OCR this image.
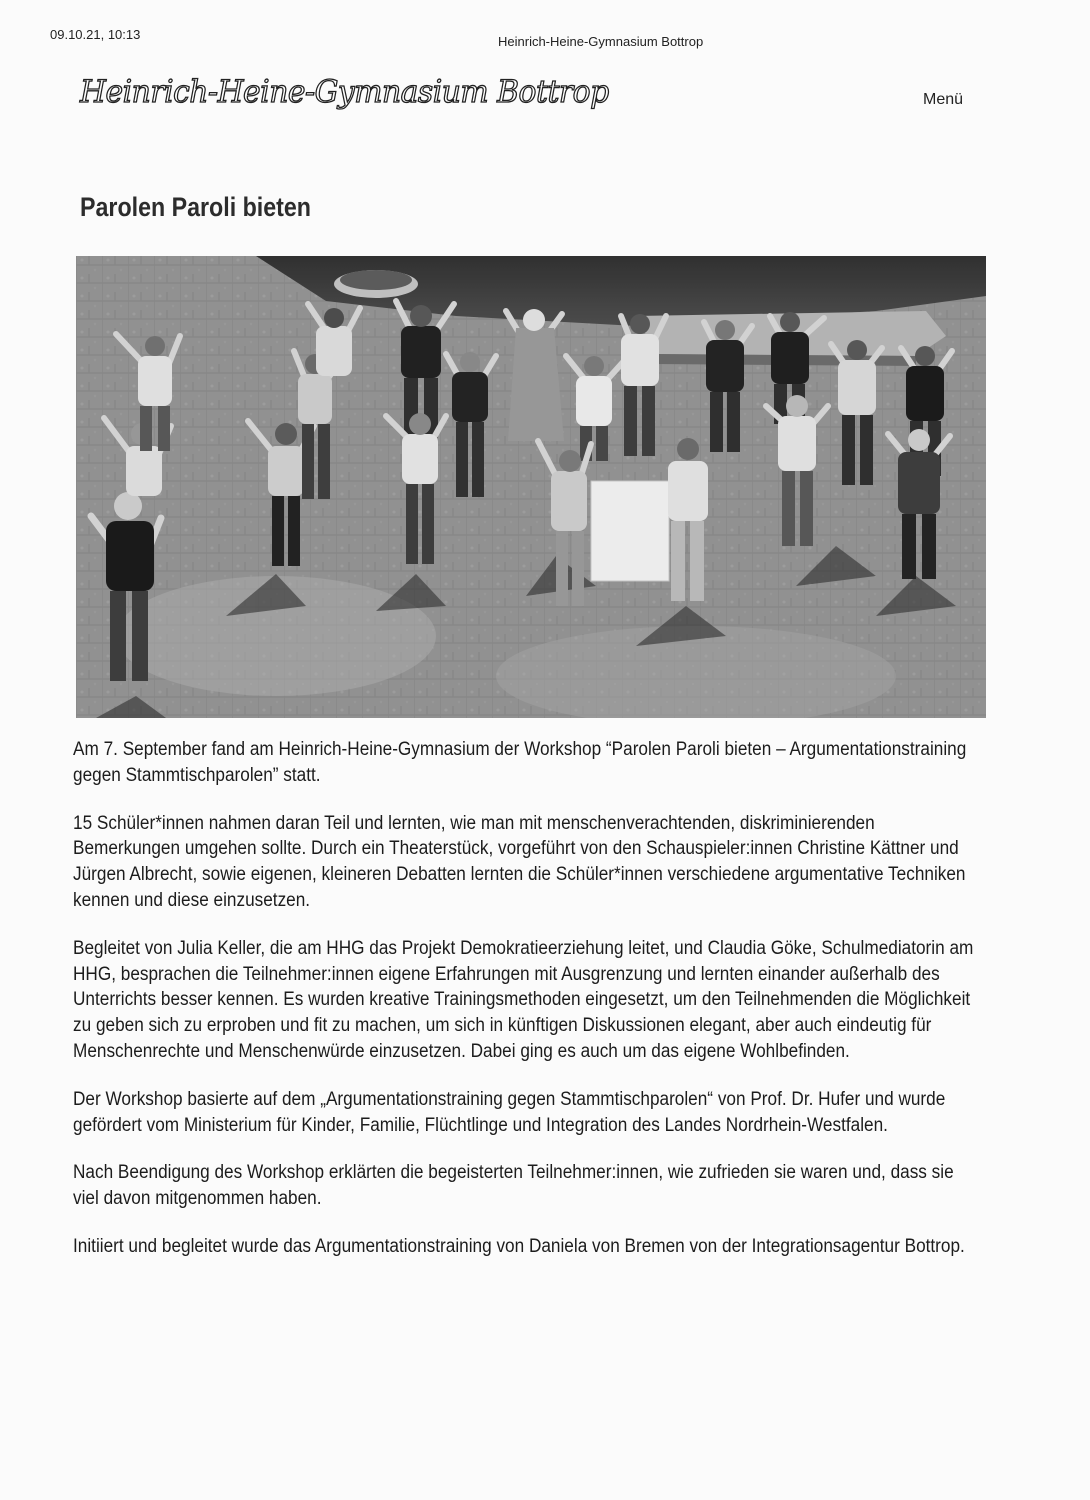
09.10.21, 10:13	Heinrich-Heine-Gymnasium Bottrop
Heinrich-Heine-Gymnasium Bottrop	Menü
Parolen Paroli bieten

Am 7. September fand am Heinrich-Heine-Gymnasium der Workshop “Parolen Paroli bieten – Argumentationstraining gegen Stammtischparolen” statt.

15 Schüler*innen nahmen daran Teil und lernten, wie man mit menschenverachtenden, diskriminierenden Bemerkungen umgehen sollte. Durch ein Theaterstück, vorgeführt von den Schauspieler:innen Christine Kättner und Jürgen Albrecht, sowie eigenen, kleineren Debatten lernten die Schüler*innen verschiedene argumentative Techniken kennen und diese einzusetzen.

Begleitet von Julia Keller, die am HHG das Projekt Demokratieerziehung leitet, und Claudia Göke, Schulmediatorin am HHG, besprachen die Teilnehmer:innen eigene Erfahrungen mit Ausgrenzung und lernten einander außerhalb des Unterrichts besser kennen. Es wurden kreative Trainingsmethoden eingesetzt, um den Teilnehmenden die Möglichkeit zu geben sich zu erproben und fit zu machen, um sich in künftigen Diskussionen elegant, aber auch eindeutig für Menschenrechte und Menschenwürde einzusetzen. Dabei ging es auch um das eigene Wohlbefinden.

Der Workshop basierte auf dem „Argumentationstraining gegen Stammtischparolen“ von Prof. Dr. Hufer und wurde gefördert vom Ministerium für Kinder, Familie, Flüchtlinge und Integration des Landes Nordrhein-Westfalen.

Nach Beendigung des Workshop erklärten die begeisterten Teilnehmer:innen, wie zufrieden sie waren und, dass sie viel davon mitgenommen haben.

Initiiert und begleitet wurde das Argumentationstraining von Daniela von Bremen von der Integrationsagentur Bottrop.
